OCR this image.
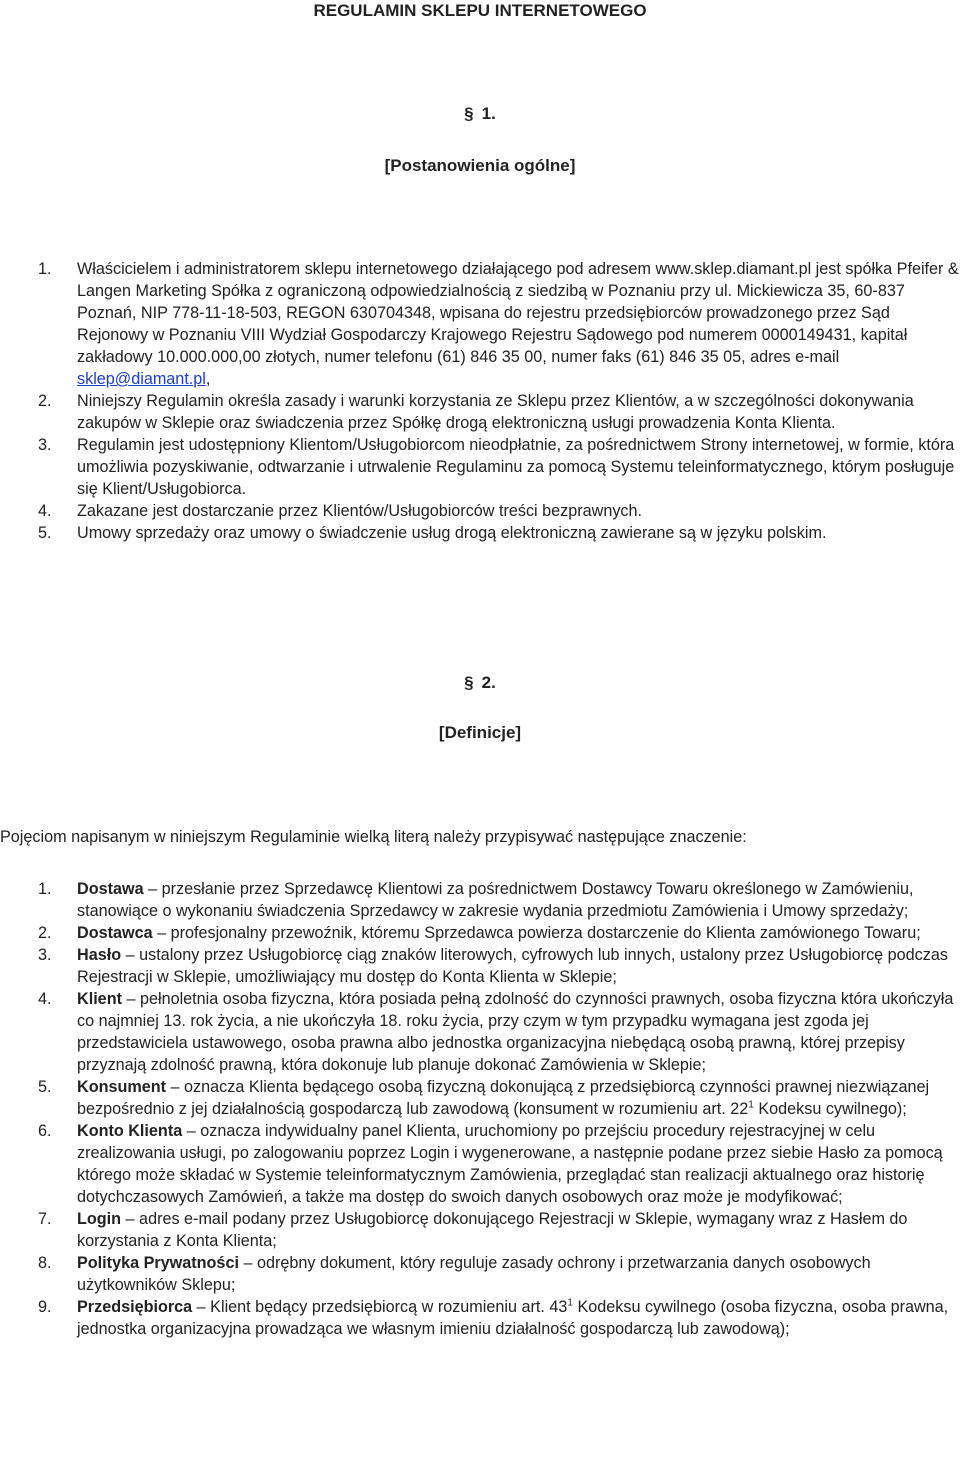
REGULAMIN SKLEPU INTERNETOWEGO
§ 1.
[Postanowienia ogólne]
1. Właścicielem i administratorem sklepu internetowego działającego pod adresem www.sklep.diamant.pl jest spółka Pfeifer & Langen Marketing Spółka z ograniczoną odpowiedzialnością z siedzibą w Poznaniu przy ul. Mickiewicza 35, 60-837 Poznań, NIP 778-11-18-503, REGON 630704348, wpisana do rejestru przedsiębiorców prowadzonego przez Sąd Rejonowy w Poznaniu VIII Wydział Gospodarczy Krajowego Rejestru Sądowego pod numerem 0000149431, kapitał zakładowy 10.000.000,00 złotych, numer telefonu (61) 846 35 00, numer faks (61) 846 35 05, adres e-mail sklep@diamant.pl,
2. Niniejszy Regulamin określa zasady i warunki korzystania ze Sklepu przez Klientów, a w szczególności dokonywania zakupów w Sklepie oraz świadczenia przez Spółkę drogą elektroniczną usługi prowadzenia Konta Klienta.
3. Regulamin jest udostępniony Klientom/Usługobiorcom nieodpłatnie, za pośrednictwem Strony internetowej, w formie, która umożliwia pozyskiwanie, odtwarzanie i utrwalenie Regulaminu za pomocą Systemu teleinformatycznego, którym posługuje się Klient/Usługobiorca.
4. Zakazane jest dostarczanie przez Klientów/Usługobiorców treści bezprawnych.
5. Umowy sprzedaży oraz umowy o świadczenie usług drogą elektroniczną zawierane są w języku polskim.
§ 2.
[Definicje]
Pojęciom napisanym w niniejszym Regulaminie wielką literą należy przypisywać następujące znaczenie:
1. Dostawa – przesłanie przez Sprzedawcę Klientowi za pośrednictwem Dostawcy Towaru określonego w Zamówieniu, stanowiące o wykonaniu świadczenia Sprzedawcy w zakresie wydania przedmiotu Zamówienia i Umowy sprzedaży;
2. Dostawca – profesjonalny przewoźnik, któremu Sprzedawca powierza dostarczenie do Klienta zamówionego Towaru;
3. Hasło – ustalony przez Usługobiorcę ciąg znaków literowych, cyfrowych lub innych, ustalony przez Usługobiorcę podczas Rejestracji w Sklepie, umożliwiający mu dostęp do Konta Klienta w Sklepie;
4. Klient – pełnoletnia osoba fizyczna, która posiada pełną zdolność do czynności prawnych, osoba fizyczna która ukończyła co najmniej 13. rok życia, a nie ukończyła 18. roku życia, przy czym w tym przypadku wymagana jest zgoda jej przedstawiciela ustawowego, osoba prawna albo jednostka organizacyjna niebędącą osobą prawną, której przepisy przyznają zdolność prawną, która dokonuje lub planuje dokonać Zamówienia w Sklepie;
5. Konsument – oznacza Klienta będącego osobą fizyczną dokonującą z przedsiębiorcą czynności prawnej niezwiązanej bezpośrednio z jej działalnością gospodarczą lub zawodową (konsument w rozumieniu art. $22^1$ Kodeksu cywilnego);
6. Konto Klienta – oznacza indywidualny panel Klienta, uruchomiony po przejściu procedury rejestracyjnej w celu zrealizowania usługi, po zalogowaniu poprzez Login i wygenerowane, a następnie podane przez siebie Hasło za pomocą którego może składać w Systemie teleinformatycznym Zamówienia, przeglądać stan realizacji aktualnego oraz historię dotychczasowych Zamówień, a także ma dostęp do swoich danych osobowych oraz może je modyfikować;
7. Login – adres e-mail podany przez Usługobiorcę dokonującego Rejestracji w Sklepie, wymagany wraz z Hasłem do korzystania z Konta Klienta;
8. Polityka Prywatności – odrębny dokument, który reguluje zasady ochrony i przetwarzania danych osobowych użytkowników Sklepu;
9. Przedsiębiorca – Klient będący przedsiębiorcą w rozumieniu art. $43^1$ Kodeksu cywilnego (osoba fizyczna, osoba prawna, jednostka organizacyjna prowadząca we własnym imieniu działalność gospodarczą lub zawodową);
